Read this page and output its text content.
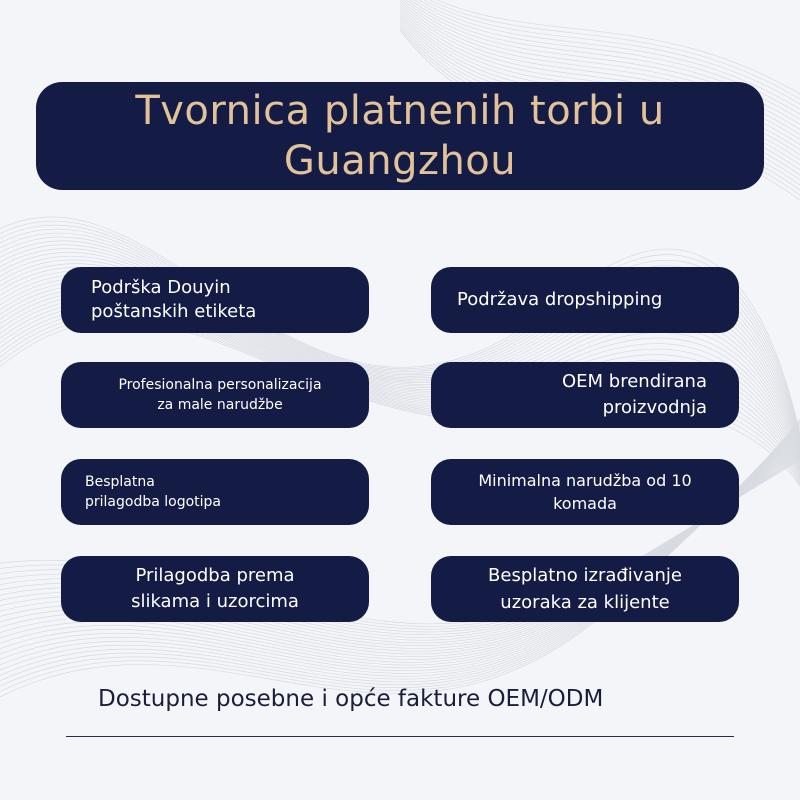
Tvornica platnenih torbi u
Guangzhou
Podrška Douyin
poštanskih etiketa
Profesionalna personalizacija
za male narudžbe
Besplatna
prilagodba logotipa
Prilagodba prema
slikama i uzorcima
Podržava dropshipping
OEM brendirana
proizvodnja
Minimalna narudžba od 10
komada
Besplatno izrađivanje
uzoraka za klijente
Dostupne posebne i opće fakture OEM/ODM
